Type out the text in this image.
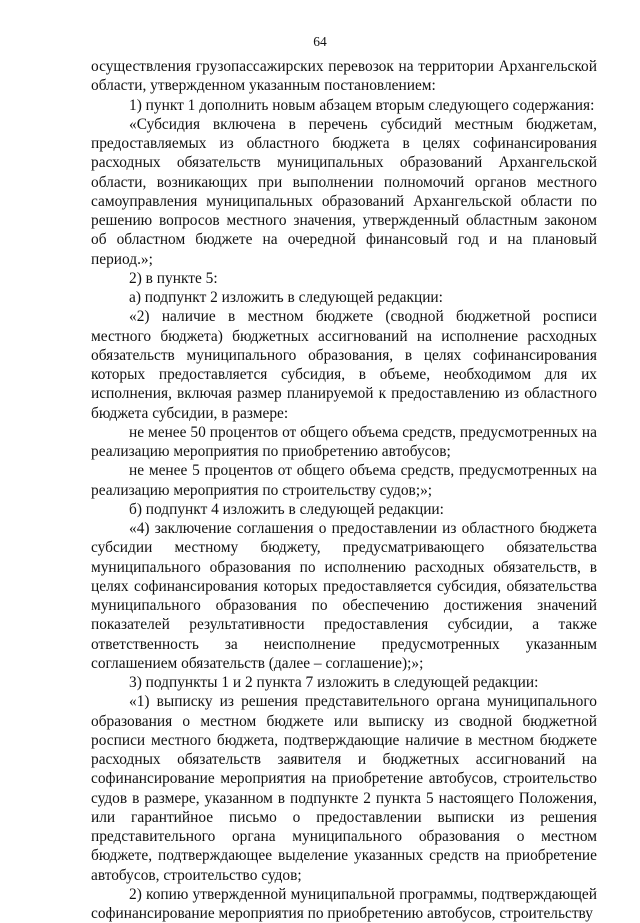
64

осуществления грузопассажирских перевозок на территории Архангельской области, утвержденном указанным постановлением:

1) пункт 1 дополнить новым абзацем вторым следующего содержания:

«Субсидия включена в перечень субсидий местным бюджетам, предоставляемых из областного бюджета в целях софинансирования расходных обязательств муниципальных образований Архангельской области, возникающих при выполнении полномочий органов местного самоуправления муниципальных образований Архангельской области по решению вопросов местного значения, утвержденный областным законом об областном бюджете на очередной финансовый год и на плановый период.»;

2) в пункте 5:

а) подпункт 2 изложить в следующей редакции:

«2) наличие в местном бюджете (сводной бюджетной росписи местного бюджета) бюджетных ассигнований на исполнение расходных обязательств муниципального образования, в целях софинансирования которых предоставляется субсидия, в объеме, необходимом для их исполнения, включая размер планируемой к предоставлению из областного бюджета субсидии, в размере:

не менее 50 процентов от общего объема средств, предусмотренных на реализацию мероприятия по приобретению автобусов;

не менее 5 процентов от общего объема средств, предусмотренных на реализацию мероприятия по строительству судов;»;

б) подпункт 4 изложить в следующей редакции:

«4) заключение соглашения о предоставлении из областного бюджета субсидии местному бюджету, предусматривающего обязательства муниципального образования по исполнению расходных обязательств, в целях софинансирования которых предоставляется субсидия, обязательства муниципального образования по обеспечению достижения значений показателей результативности предоставления субсидии, а также ответственность за неисполнение предусмотренных указанным соглашением обязательств (далее – соглашение);»;

3) подпункты 1 и 2 пункта 7 изложить в следующей редакции:

«1) выписку из решения представительного органа муниципального образования о местном бюджете или выписку из сводной бюджетной росписи местного бюджета, подтверждающие наличие в местном бюджете расходных обязательств заявителя и бюджетных ассигнований на софинансирование мероприятия на приобретение автобусов, строительство судов в размере, указанном в подпункте 2 пункта 5 настоящего Положения, или гарантийное письмо о предоставлении выписки из решения представительного органа муниципального образования о местном бюджете, подтверждающее выделение указанных средств на приобретение автобусов, строительство судов;

2) копию утвержденной муниципальной программы, подтверждающей софинансирование мероприятия по приобретению автобусов, строительству
